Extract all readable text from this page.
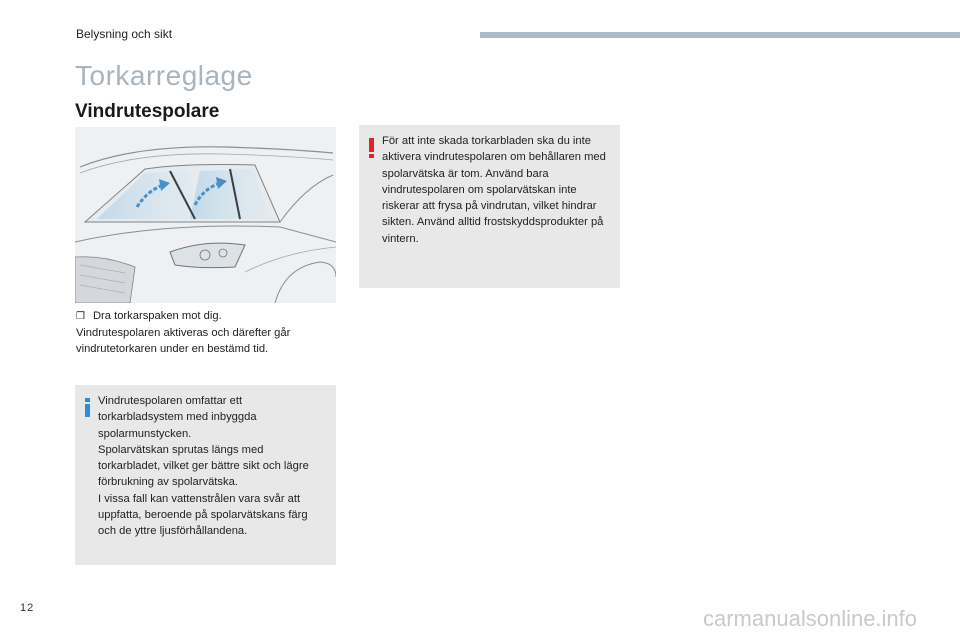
Belysning och sikt
Torkarreglage
Vindrutespolare
❒ Dra torkarspaken mot dig.
Vindrutespolaren aktiveras och därefter går vindrutetorkaren under en bestämd tid.
Vindrutespolaren omfattar ett torkarbladsystem med inbyggda spolarmunstycken.
Spolarvätskan sprutas längs med torkarbladet, vilket ger bättre sikt och lägre förbrukning av spolarvätska.
I vissa fall kan vattenstrålen vara svår att uppfatta, beroende på spolarvätskans färg och de yttre ljusförhållandena.
För att inte skada torkarbladen ska du inte aktivera vindrutespolaren om behållaren med spolarvätska är tom. Använd bara vindrutespolaren om spolarvätskan inte riskerar att frysa på vindrutan, vilket hindrar sikten. Använd alltid frostskyddsprodukter på vintern.
12	carmanualsonline.info
